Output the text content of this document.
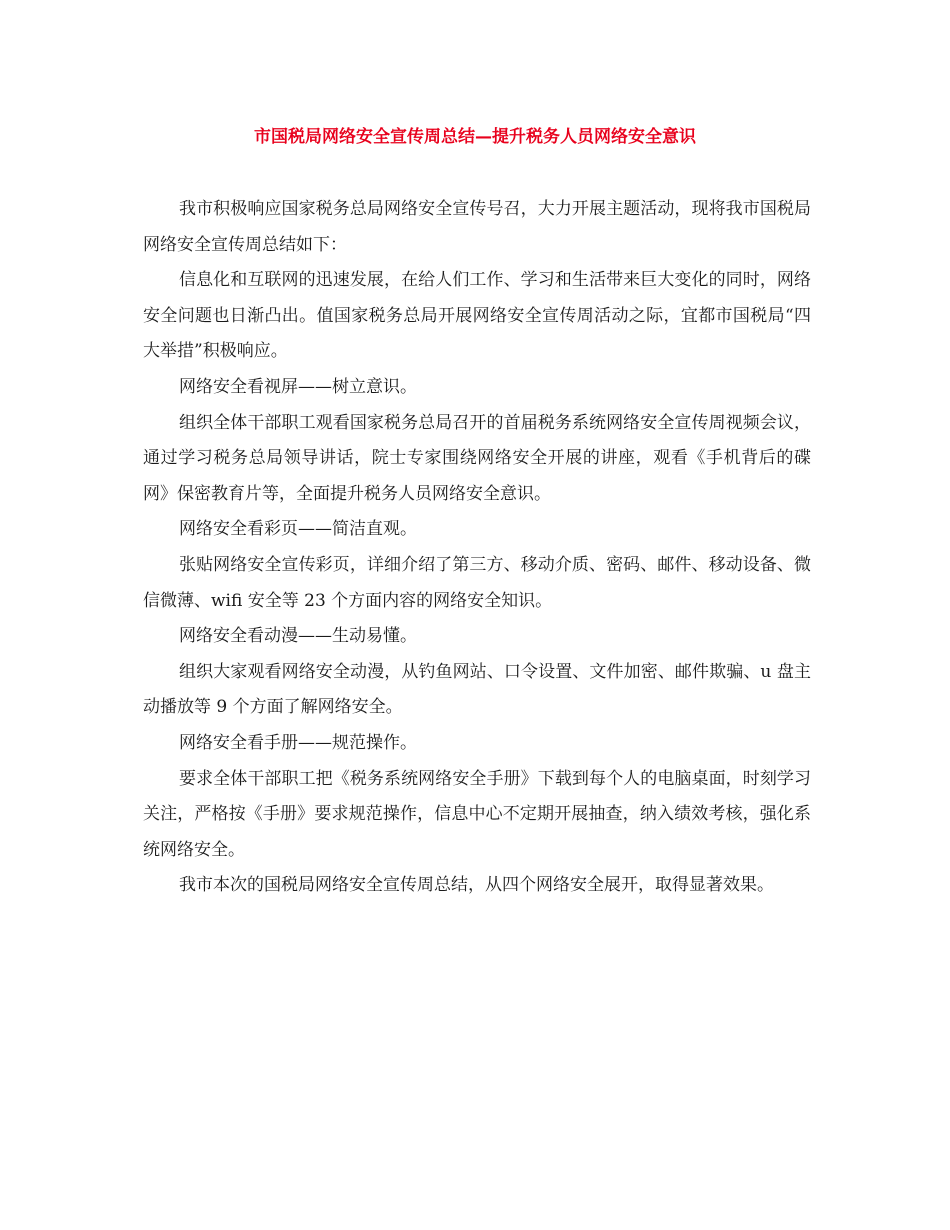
市国税局网络安全宣传周总结—提升税务人员网络安全意识

我市积极响应国家税务总局网络安全宣传号召，大力开展主题活动，现将我市国税局网络安全宣传周总结如下：

信息化和互联网的迅速发展，在给人们工作、学习和生活带来巨大变化的同时，网络安全问题也日渐凸出。值国家税务总局开展网络安全宣传周活动之际，宜都市国税局“四大举措”积极响应。

网络安全看视屏——树立意识。

组织全体干部职工观看国家税务总局召开的首届税务系统网络安全宣传周视频会议，通过学习税务总局领导讲话，院士专家围绕网络安全开展的讲座，观看《手机背后的碟网》保密教育片等，全面提升税务人员网络安全意识。

网络安全看彩页——简洁直观。

张贴网络安全宣传彩页，详细介绍了第三方、移动介质、密码、邮件、移动设备、微信微薄、wifi 安全等 23 个方面内容的网络安全知识。

网络安全看动漫——生动易懂。

组织大家观看网络安全动漫，从钓鱼网站、口令设置、文件加密、邮件欺骗、u 盘主动播放等 9 个方面了解网络安全。

网络安全看手册——规范操作。

要求全体干部职工把《税务系统网络安全手册》下载到每个人的电脑桌面，时刻学习关注，严格按《手册》要求规范操作，信息中心不定期开展抽查，纳入绩效考核，强化系统网络安全。

我市本次的国税局网络安全宣传周总结，从四个网络安全展开，取得显著效果。
